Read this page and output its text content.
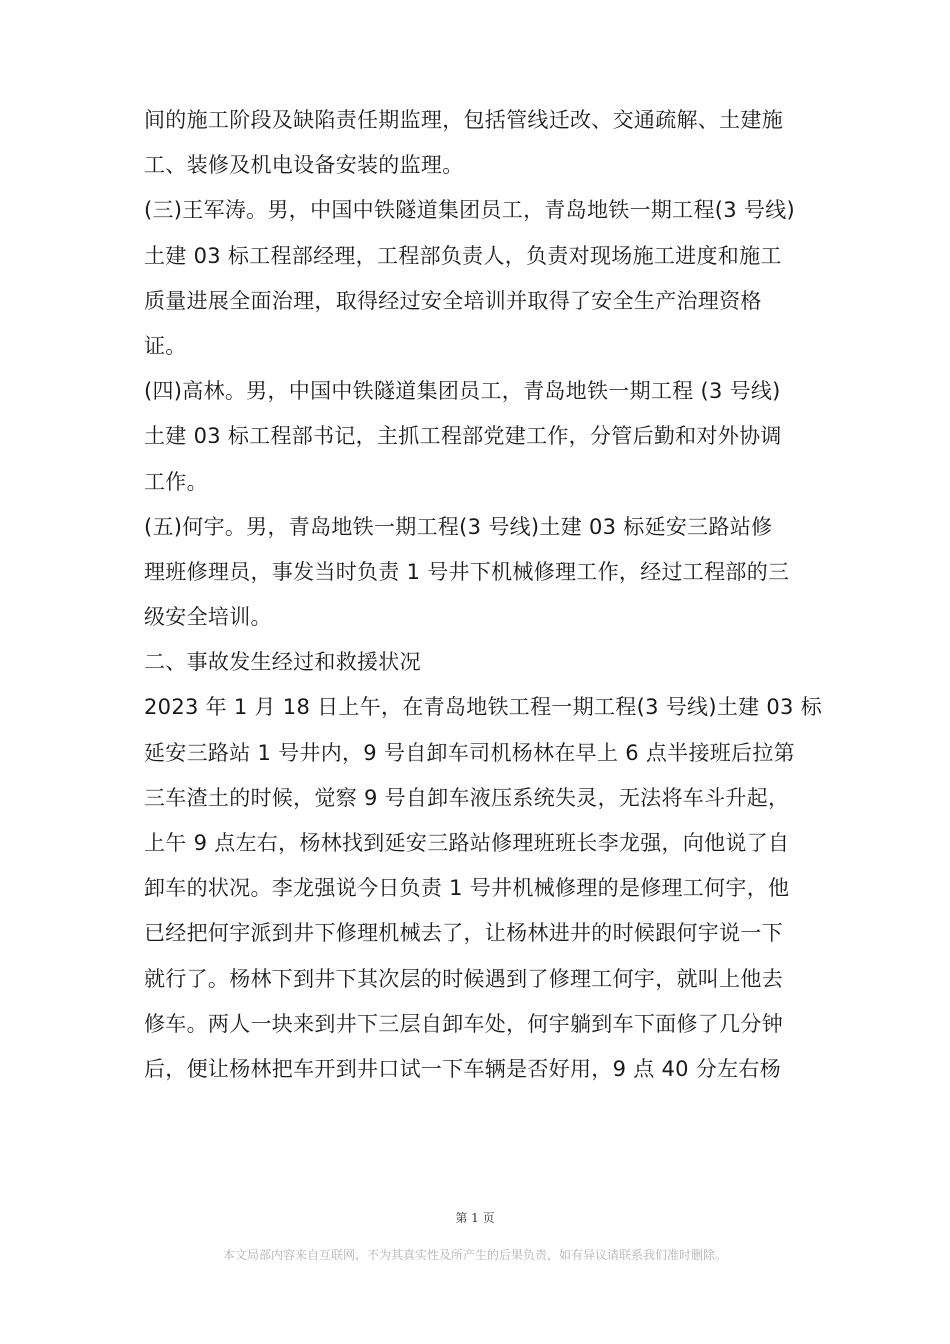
间的施工阶段及缺陷责任期监理，包括管线迁改、交通疏解、土建施
工、装修及机电设备安装的监理。
(三)王军涛。男，中国中铁隧道集团员工，青岛地铁一期工程(3 号线)
土建 03 标工程部经理，工程部负责人，负责对现场施工进度和施工
质量进展全面治理，取得经过安全培训并取得了安全生产治理资格
证。
(四)高林。男，中国中铁隧道集团员工，青岛地铁一期工程 (3 号线)
土建 03 标工程部书记，主抓工程部党建工作，分管后勤和对外协调
工作。
(五)何宇。男，青岛地铁一期工程(3 号线)土建 03 标延安三路站修
理班修理员，事发当时负责 1 号井下机械修理工作，经过工程部的三
级安全培训。
二、事故发生经过和救援状况
2023 年 1 月 18 日上午，在青岛地铁工程一期工程(3 号线)土建 03 标
延安三路站 1 号井内，9 号自卸车司机杨林在早上 6 点半接班后拉第
三车渣土的时候，觉察 9 号自卸车液压系统失灵，无法将车斗升起，
上午 9 点左右，杨林找到延安三路站修理班班长李龙强，向他说了自
卸车的状况。李龙强说今日负责 1 号井机械修理的是修理工何宇，他
已经把何宇派到井下修理机械去了，让杨林进井的时候跟何宇说一下
就行了。杨林下到井下其次层的时候遇到了修理工何宇，就叫上他去
修车。两人一块来到井下三层自卸车处，何宇躺到车下面修了几分钟
后，便让杨林把车开到井口试一下车辆是否好用，9 点 40 分左右杨
第 1 页
本文局部内容来自互联网，不为其真实性及所产生的后果负责，如有异议请联系我们准时删除。
